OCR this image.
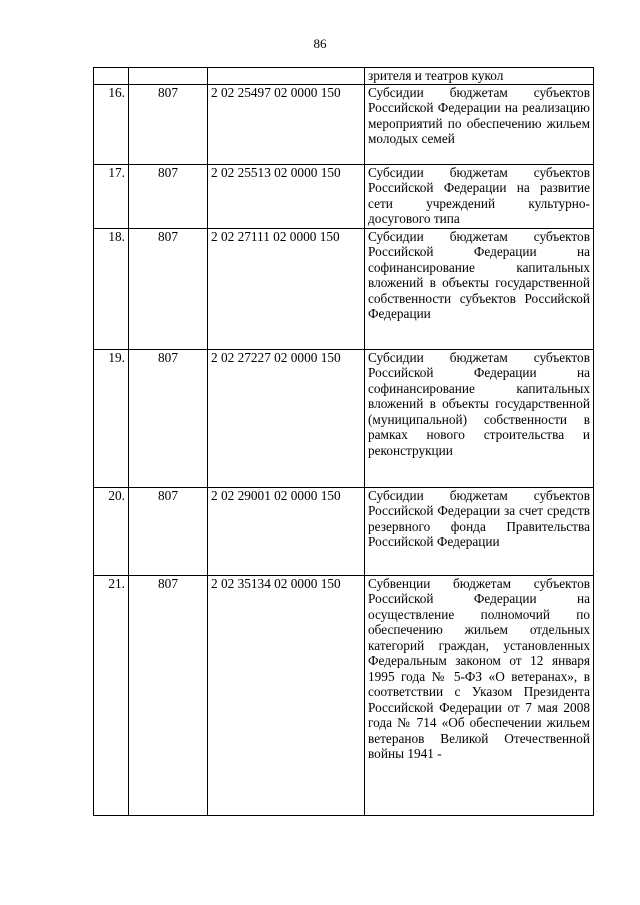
86
			зрителя и театров кукол
16.	807	2 02 25497 02 0000 150	Субсидии бюджетам субъектов Российской Федерации на реализацию мероприятий по обеспечению жильем молодых семей
17.	807	2 02 25513 02 0000 150	Субсидии бюджетам субъектов Российской Федерации на развитие сети учреждений культурно-досугового типа
18.	807	2 02 27111 02 0000 150	Субсидии бюджетам субъектов Российской Федерации на софинансирование капитальных вложений в объекты государственной собственности субъектов Российской Федерации
19.	807	2 02 27227 02 0000 150	Субсидии бюджетам субъектов Российской Федерации на софинансирование капитальных вложений в объекты государственной (муниципальной) собственности в рамках нового строительства и реконструкции
20.	807	2 02 29001 02 0000 150	Субсидии бюджетам субъектов Российской Федерации за счет средств резервного фонда Правительства Российской Федерации
21.	807	2 02 35134 02 0000 150	Субвенции бюджетам субъектов Российской Федерации на осуществление полномочий по обеспечению жильем отдельных категорий граждан, установленных Федеральным законом от 12 января 1995 года № 5-ФЗ «О ветеранах», в соответствии с Указом Президента Российской Федерации от 7 мая 2008 года № 714 «Об обеспечении жильем ветеранов Великой Отечественной войны 1941 -
